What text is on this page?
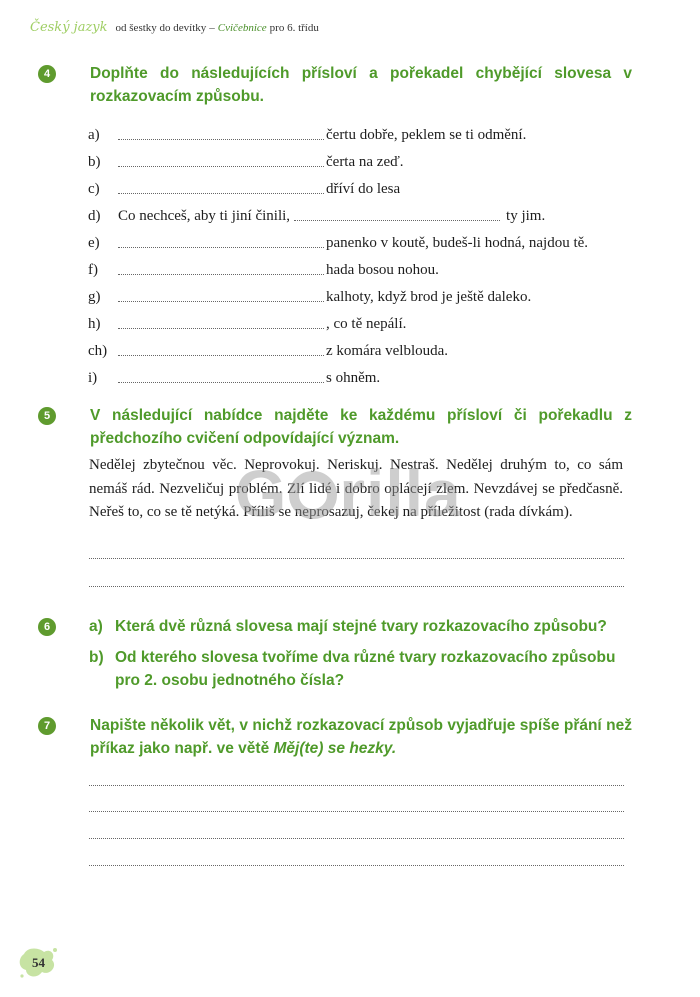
Český jazyk od šestky do devítky – Cvičebnice pro 6. třídu
4	Doplňte do následujících přísloví a pořekadel chybějící slovesa v rozkazovacím způsobu.
a)	čertu dobře, peklem se ti odmění.
b)	čerta na zeď.
c)	dříví do lesa
d)	Co nechceš, aby ti jiní činili,	ty jim.
e)	panenko v koutě, budeš-li hodná, najdou tě.
f)	hada bosou nohou.
g)	kalhoty, když brod je ještě daleko.
h)	, co tě nepálí.
ch)	z komára velblouda.
i)	s ohněm.
5	V následující nabídce najděte ke každému přísloví či pořekadlu z předchozího cvičení odpovídající význam.
Nedělej zbytečnou věc. Neprovokuj. Neriskuj. Nestraš. Nedělej druhým to, co sám nemáš rád. Nezveličuj problém. Zlí lidé i dobro oplácejí zlem. Nevzdávej se předčasně. Neřeš to, co se tě netýká. Příliš se neprosazuj, čekej na příležitost (rada dívkám).
G rilla
6	a) Která dvě různá slovesa mají stejné tvary rozkazovacího způsobu?
b) Od kterého slovesa tvoříme dva různé tvary rozkazovacího způsobu pro 2. osobu jednotného čísla?
7	Napište několik vět, v nichž rozkazovací způsob vyjadřuje spíše přání než příkaz jako např. ve větě Měj(te) se hezky.
54
